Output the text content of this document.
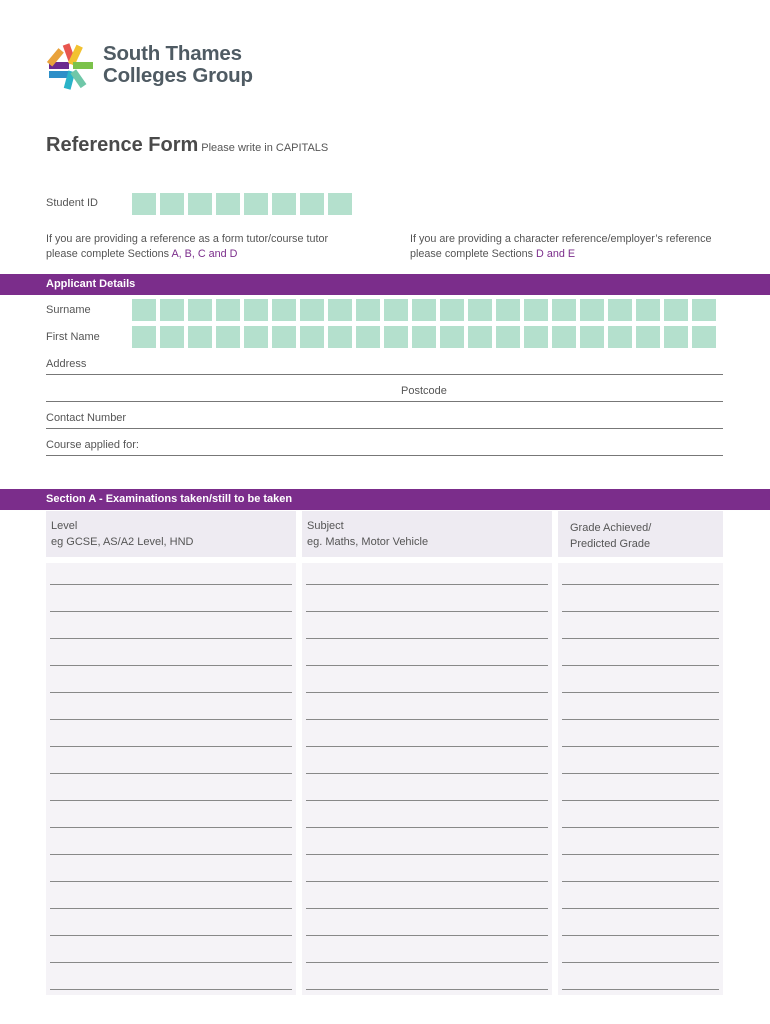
South Thames
Colleges Group
Reference Form Please write in CAPITALS
Student ID
If you are providing a reference as a form tutor/course tutor please complete Sections A, B, C and D
If you are providing a character reference/employer’s reference please complete Sections D and E
Applicant Details
Surname
First Name
Address
Postcode
Contact Number
Course applied for:
Section A - Examinations taken/still to be taken
Level
eg GCSE, AS/A2 Level, HND
Subject
eg. Maths, Motor Vehicle
Grade Achieved/
Predicted Grade
